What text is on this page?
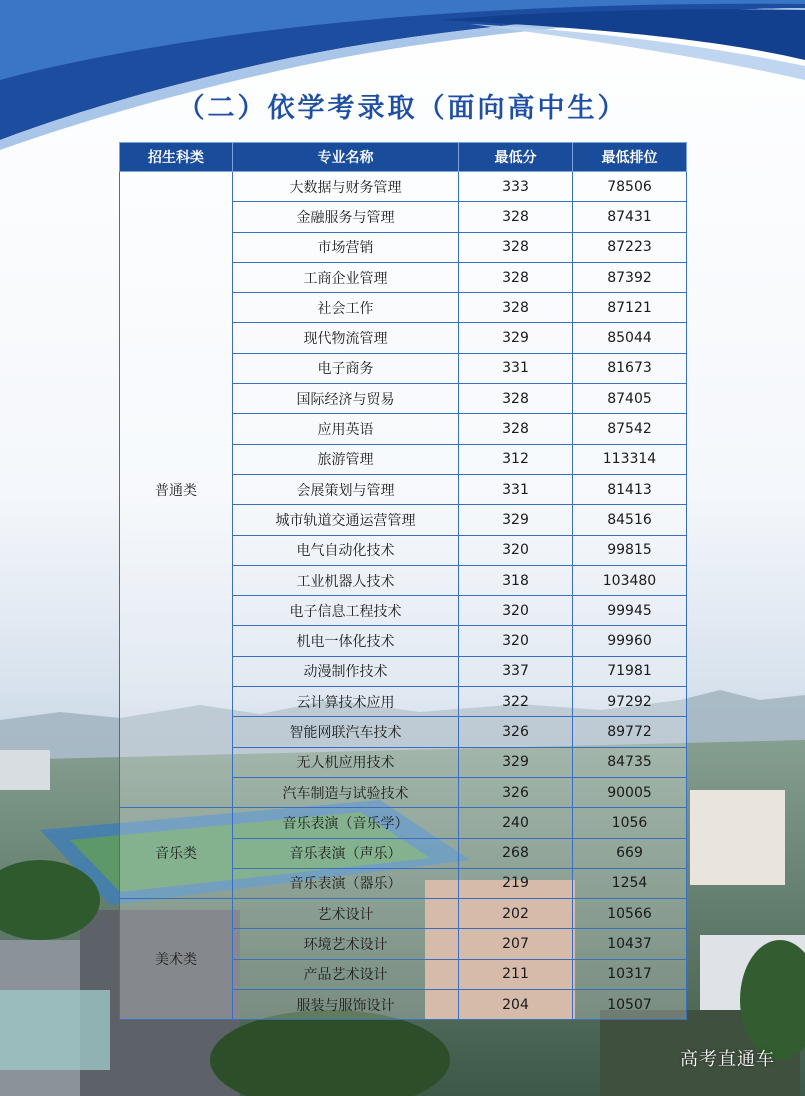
（二）依学考录取（面向高中生）
招生科类	专业名称	最低分	最低排位
普通类	大数据与财务管理	333	78506
	金融服务与管理	328	87431
	市场营销	328	87223
	工商企业管理	328	87392
	社会工作	328	87121
	现代物流管理	329	85044
	电子商务	331	81673
	国际经济与贸易	328	87405
	应用英语	328	87542
	旅游管理	312	113314
	会展策划与管理	331	81413
	城市轨道交通运营管理	329	84516
	电气自动化技术	320	99815
	工业机器人技术	318	103480
	电子信息工程技术	320	99945
	机电一体化技术	320	99960
	动漫制作技术	337	71981
	云计算技术应用	322	97292
	智能网联汽车技术	326	89772
	无人机应用技术	329	84735
	汽车制造与试验技术	326	90005
音乐类	音乐表演（音乐学）	240	1056
	音乐表演（声乐）	268	669
	音乐表演（器乐）	219	1254
美术类	艺术设计	202	10566
	环境艺术设计	207	10437
	产品艺术设计	211	10317
	服装与服饰设计	204	10507
高考直通车
